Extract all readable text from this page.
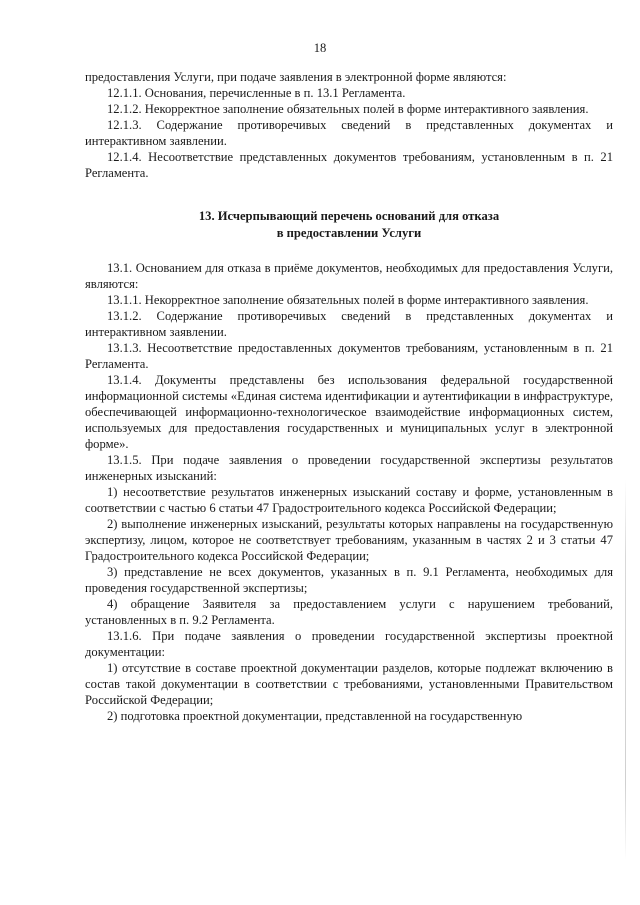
18

предоставления Услуги, при подаче заявления в электронной форме являются:

12.1.1. Основания, перечисленные в п. 13.1 Регламента.

12.1.2. Некорректное заполнение обязательных полей в форме интерактивного заявления.

12.1.3. Содержание противоречивых сведений в представленных документах и интерактивном заявлении.

12.1.4. Несоответствие представленных документов требованиям, установленным в п. 21 Регламента.

13. Исчерпывающий перечень оснований для отказа
в предоставлении Услуги

13.1. Основанием для отказа в приёме документов, необходимых для предоставления Услуги, являются:

13.1.1. Некорректное заполнение обязательных полей в форме интерактивного заявления.

13.1.2. Содержание противоречивых сведений в представленных документах и интерактивном заявлении.

13.1.3. Несоответствие предоставленных документов требованиям, установленным в п. 21 Регламента.

13.1.4. Документы представлены без использования федеральной государственной информационной системы «Единая система идентификации и аутентификации в инфраструктуре, обеспечивающей информационно-технологическое взаимодействие информационных систем, используемых для предоставления государственных и муниципальных услуг в электронной форме».

13.1.5. При подаче заявления о проведении государственной экспертизы результатов инженерных изысканий:

1) несоответствие результатов инженерных изысканий составу и форме, установленным в соответствии с частью 6 статьи 47 Градостроительного кодекса Российской Федерации;

2) выполнение инженерных изысканий, результаты которых направлены на государственную экспертизу, лицом, которое не соответствует требованиям, указанным в частях 2 и 3 статьи 47 Градостроительного кодекса Российской Федерации;

3) представление не всех документов, указанных в п. 9.1 Регламента, необходимых для проведения государственной экспертизы;

4) обращение Заявителя за предоставлением услуги с нарушением требований, установленных в п. 9.2 Регламента.

13.1.6. При подаче заявления о проведении государственной экспертизы проектной документации:

1) отсутствие в составе проектной документации разделов, которые подлежат включению в состав такой документации в соответствии с требованиями, установленными Правительством Российской Федерации;

2) подготовка проектной документации, представленной на государственную
